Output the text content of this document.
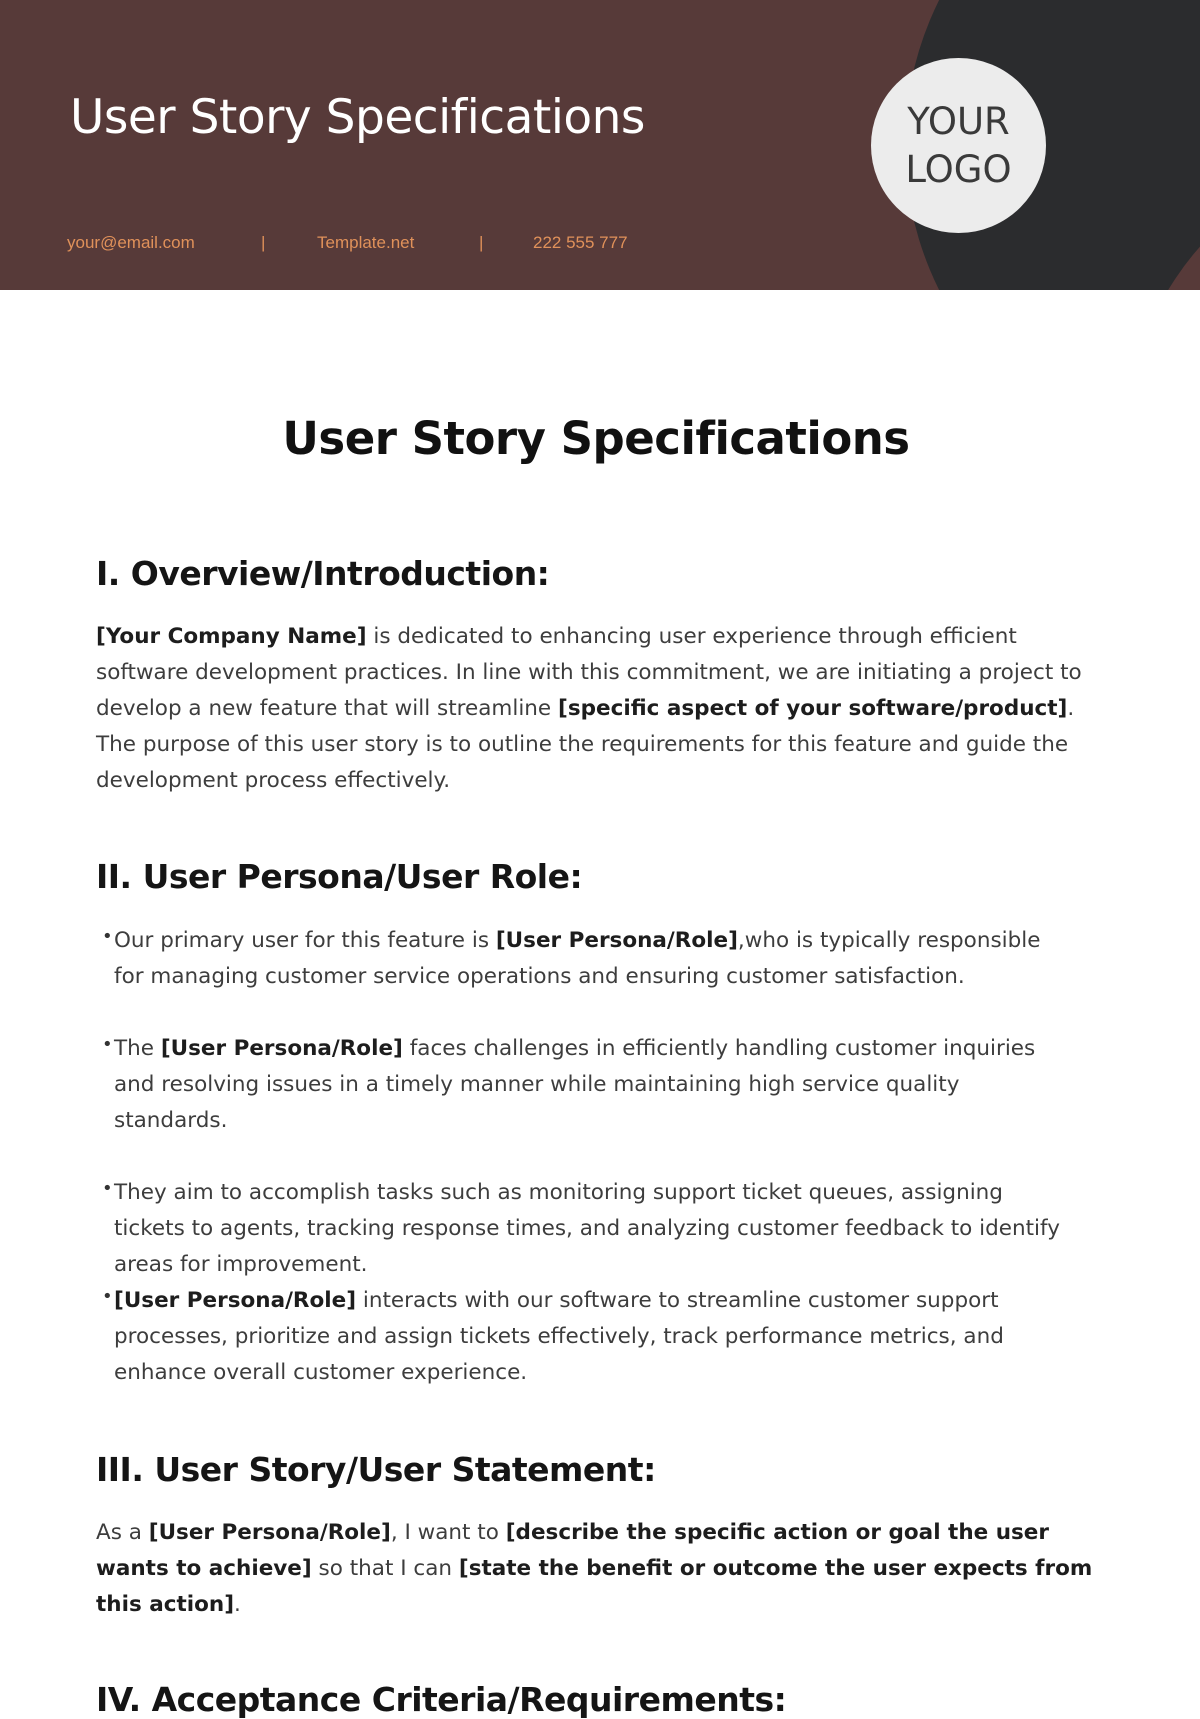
User Story Specifications
your@email.com	|	Template.net	|	222 555 777
YOUR LOGO
User Story Specifications
I. Overview/Introduction:
[Your Company Name] is dedicated to enhancing user experience through efficient software development practices. In line with this commitment, we are initiating a project to develop a new feature that will streamline [specific aspect of your software/product]. The purpose of this user story is to outline the requirements for this feature and guide the development process effectively.
II. User Persona/User Role:
• Our primary user for this feature is [User Persona/Role],who is typically responsible for managing customer service operations and ensuring customer satisfaction.
• The [User Persona/Role] faces challenges in efficiently handling customer inquiries and resolving issues in a timely manner while maintaining high service quality standards.
• They aim to accomplish tasks such as monitoring support ticket queues, assigning tickets to agents, tracking response times, and analyzing customer feedback to identify areas for improvement.
• [User Persona/Role] interacts with our software to streamline customer support processes, prioritize and assign tickets effectively, track performance metrics, and enhance overall customer experience.
III. User Story/User Statement:
As a [User Persona/Role], I want to [describe the specific action or goal the user wants to achieve] so that I can [state the benefit or outcome the user expects from this action].
IV. Acceptance Criteria/Requirements:
